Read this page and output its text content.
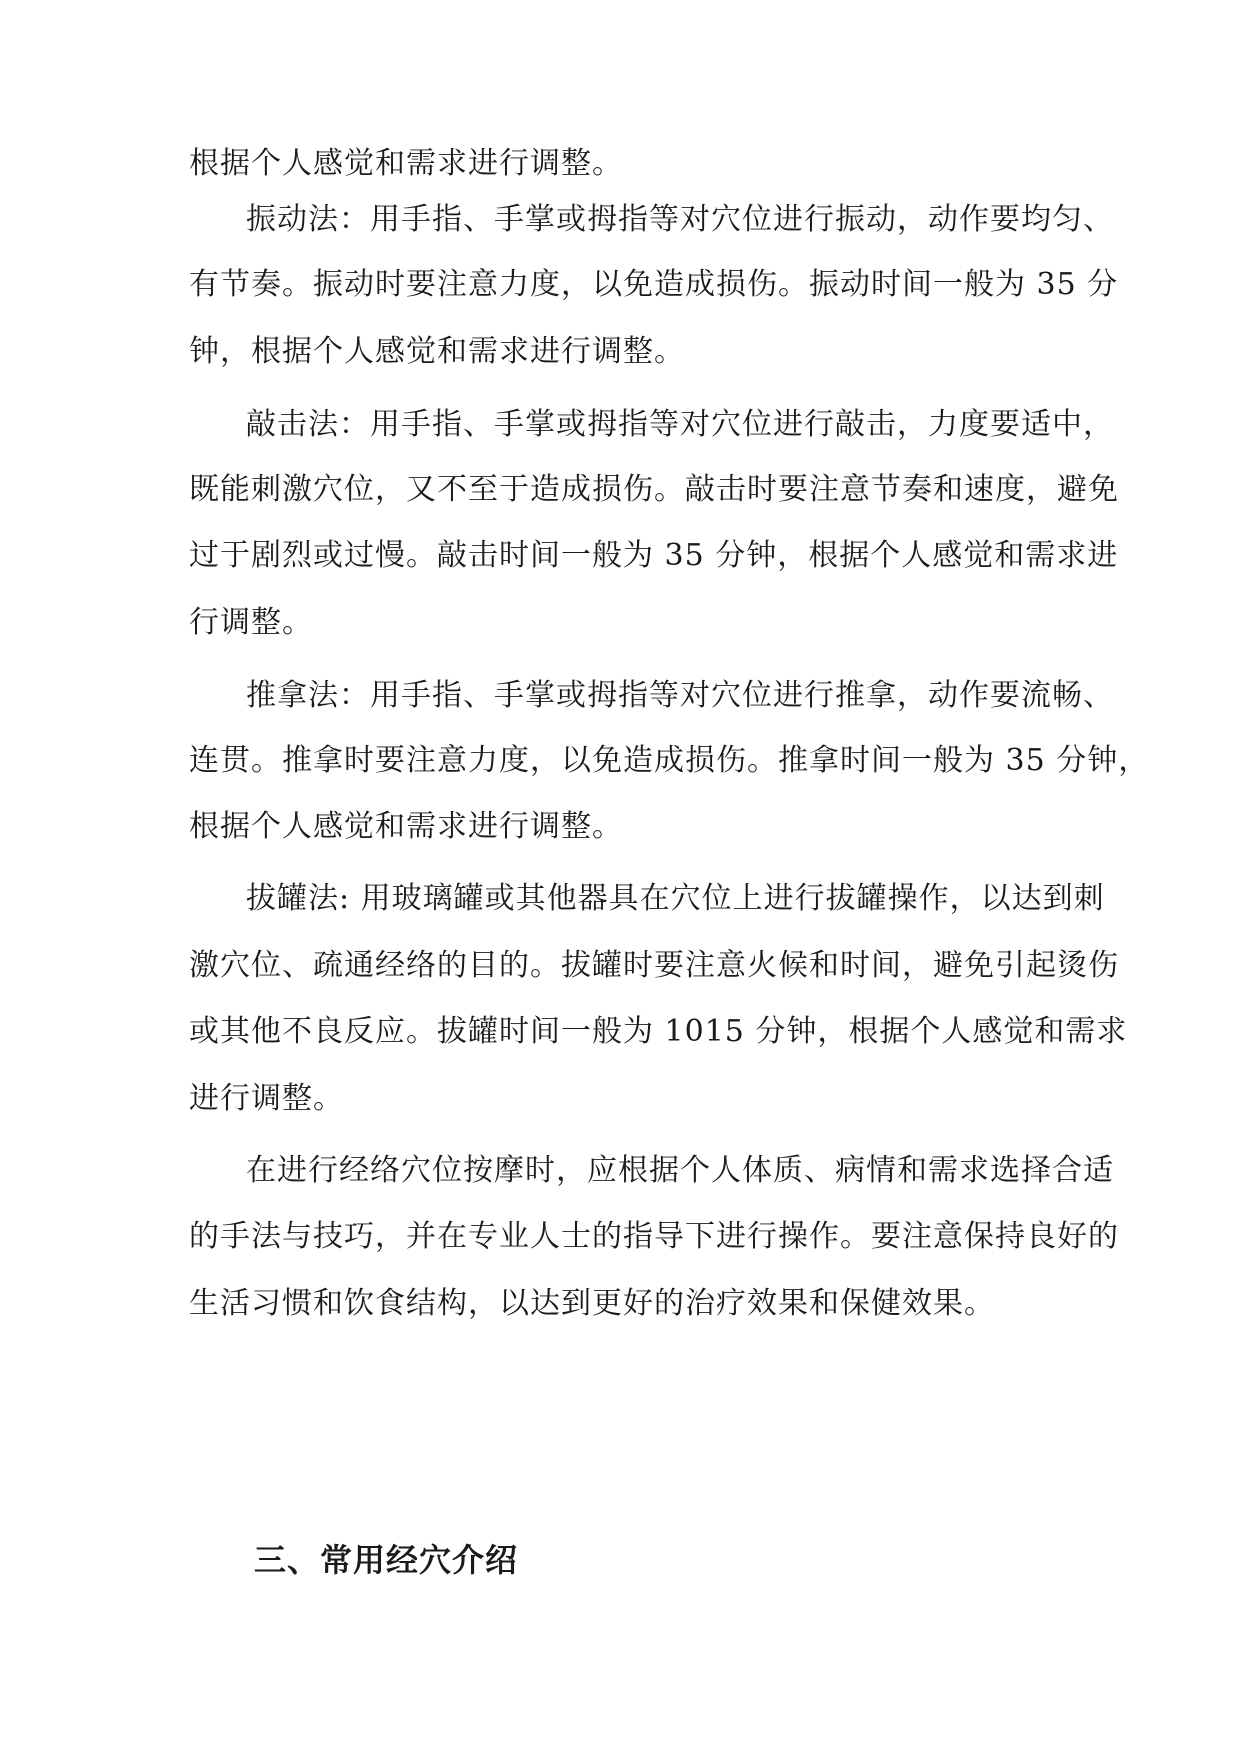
根据个人感觉和需求进行调整。
振动法：用手指、手掌或拇指等对穴位进行振动，动作要均匀、
有节奏。振动时要注意力度，以免造成损伤。振动时间一般为 35 分
钟，根据个人感觉和需求进行调整。
敲击法：用手指、手掌或拇指等对穴位进行敲击，力度要适中，
既能刺激穴位，又不至于造成损伤。敲击时要注意节奏和速度，避免
过于剧烈或过慢。敲击时间一般为 35 分钟，根据个人感觉和需求进
行调整。
推拿法：用手指、手掌或拇指等对穴位进行推拿，动作要流畅、
连贯。推拿时要注意力度，以免造成损伤。推拿时间一般为 35 分钟，
根据个人感觉和需求进行调整。
拔罐法: 用玻璃罐或其他器具在穴位上进行拔罐操作，以达到刺
激穴位、疏通经络的目的。拔罐时要注意火候和时间，避免引起烫伤
或其他不良反应。拔罐时间一般为 1015 分钟，根据个人感觉和需求
进行调整。
在进行经络穴位按摩时，应根据个人体质、病情和需求选择合适
的手法与技巧，并在专业人士的指导下进行操作。要注意保持良好的
生活习惯和饮食结构，以达到更好的治疗效果和保健效果。
三、常用经穴介绍
